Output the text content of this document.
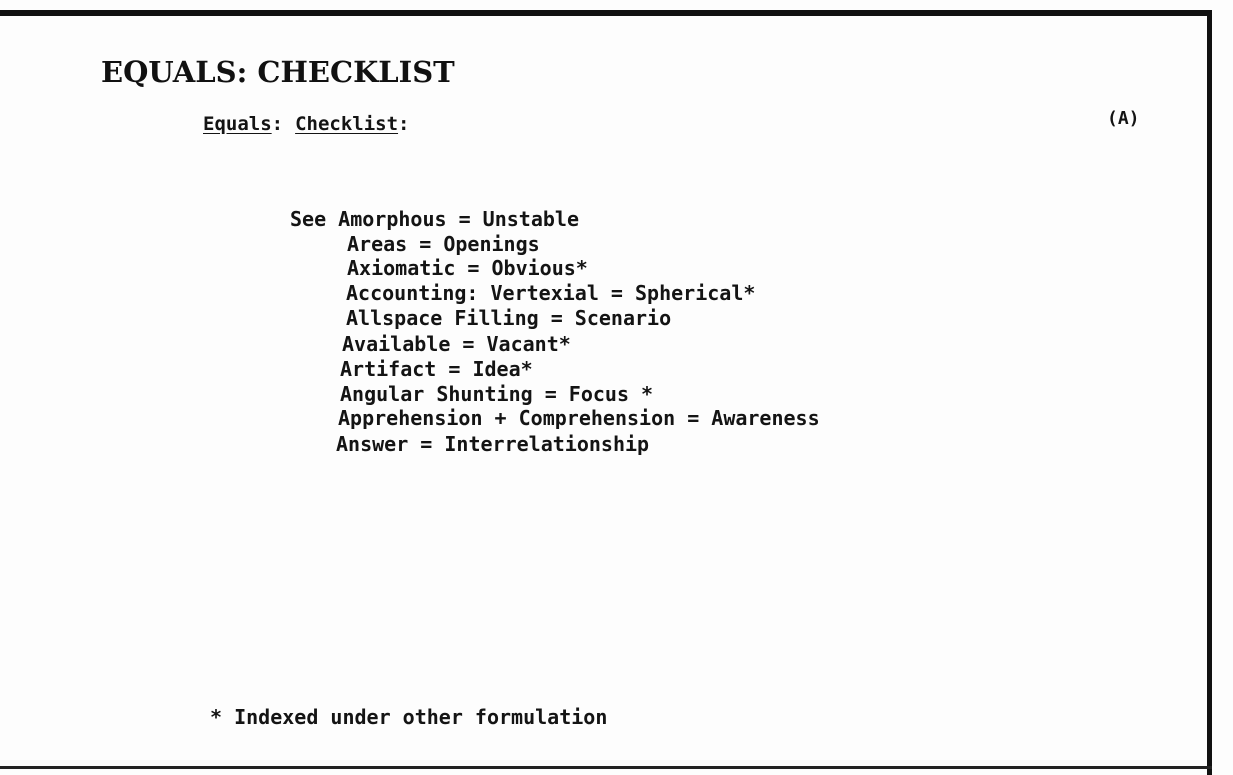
EQUALS: CHECKLIST
Equals: Checklist:	(A)
See Amorphous = Unstable
Areas = Openings
Axiomatic = Obvious*
Accounting: Vertexial = Spherical*
Allspace Filling = Scenario
Available = Vacant*
Artifact = Idea*
Angular Shunting = Focus *
Apprehension + Comprehension = Awareness
Answer = Interrelationship
* Indexed under other formulation
